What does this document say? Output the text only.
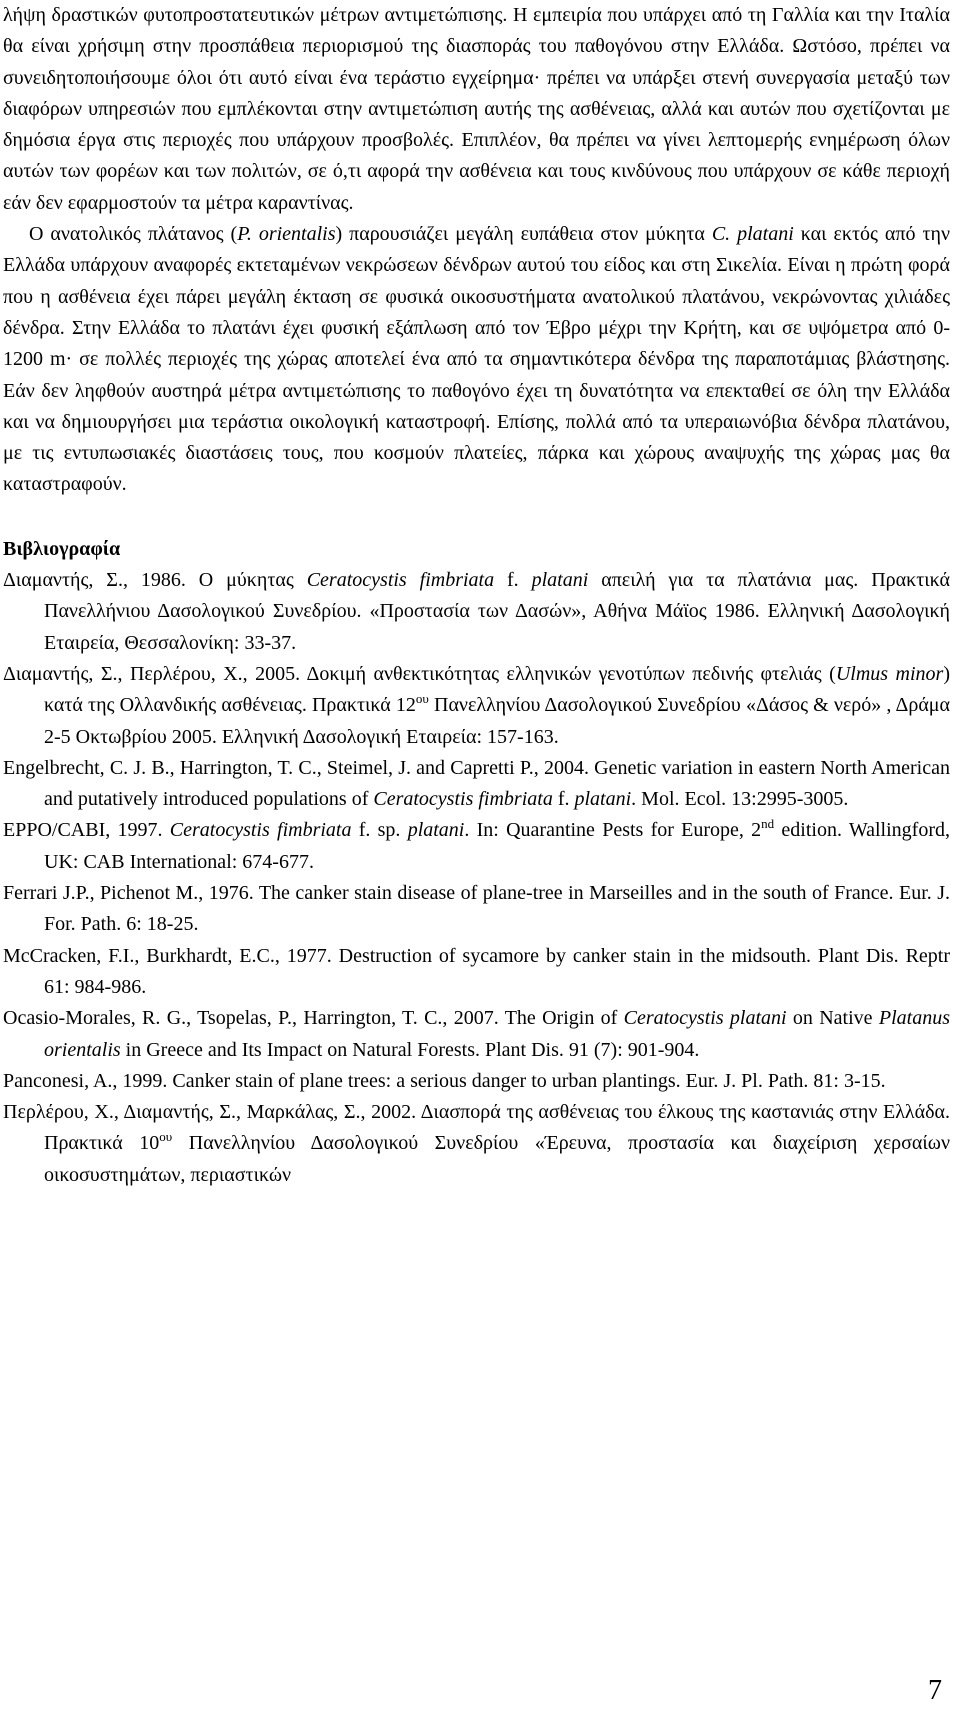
λήψη δραστικών φυτοπροστατευτικών μέτρων αντιμετώπισης. Η εμπειρία που υπάρχει από τη Γαλλία και την Ιταλία θα είναι χρήσιμη στην προσπάθεια περιορισμού της διασποράς του παθογόνου στην Ελλάδα. Ωστόσο, πρέπει να συνειδητοποιήσουμε όλοι ότι αυτό είναι ένα τεράστιο εγχείρημα· πρέπει να υπάρξει στενή συνεργασία μεταξύ των διαφόρων υπηρεσιών που εμπλέκονται στην αντιμετώπιση αυτής της ασθένειας, αλλά και αυτών που σχετίζονται με δημόσια έργα στις περιοχές που υπάρχουν προσβολές. Επιπλέον, θα πρέπει να γίνει λεπτομερής ενημέρωση όλων αυτών των φορέων και των πολιτών, σε ό,τι αφορά την ασθένεια και τους κινδύνους που υπάρχουν σε κάθε περιοχή εάν δεν εφαρμοστούν τα μέτρα καραντίνας.

Ο ανατολικός πλάτανος (P. orientalis) παρουσιάζει μεγάλη ευπάθεια στον μύκητα C. platani και εκτός από την Ελλάδα υπάρχουν αναφορές εκτεταμένων νεκρώσεων δένδρων αυτού του είδος και στη Σικελία. Είναι η πρώτη φορά που η ασθένεια έχει πάρει μεγάλη έκταση σε φυσικά οικοσυστήματα ανατολικού πλατάνου, νεκρώνοντας χιλιάδες δένδρα. Στην Ελλάδα το πλατάνι έχει φυσική εξάπλωση από τον Έβρο μέχρι την Κρήτη, και σε υψόμετρα από 0-1200 m· σε πολλές περιοχές της χώρας αποτελεί ένα από τα σημαντικότερα δένδρα της παραποτάμιας βλάστησης. Εάν δεν ληφθούν αυστηρά μέτρα αντιμετώπισης το παθογόνο έχει τη δυνατότητα να επεκταθεί σε όλη την Ελλάδα και να δημιουργήσει μια τεράστια οικολογική καταστροφή. Επίσης, πολλά από τα υπεραιωνόβια δένδρα πλατάνου, με τις εντυπωσιακές διαστάσεις τους, που κοσμούν πλατείες, πάρκα και χώρους αναψυχής της χώρας μας θα καταστραφούν.

Βιβλιογραφία

Διαμαντής, Σ., 1986. Ο μύκητας Ceratocystis fimbriata f. platani απειλή για τα πλατάνια μας. Πρακτικά Πανελλήνιου Δασολογικού Συνεδρίου. «Προστασία των Δασών», Αθήνα Μάϊος 1986. Ελληνική Δασολογική Εταιρεία, Θεσσαλονίκη: 33-37.

Διαμαντής, Σ., Περλέρου, Χ., 2005. Δοκιμή ανθεκτικότητας ελληνικών γενοτύπων πεδινής φτελιάς (Ulmus minor) κατά της Ολλανδικής ασθένειας. Πρακτικά $12^{o\upsilon}$ Πανελληνίου Δασολογικού Συνεδρίου «Δάσος & νερό» , Δράμα 2-5 Οκτωβρίου 2005. Ελληνική Δασολογική Εταιρεία: 157-163.

Engelbrecht, C. J. B., Harrington, T. C., Steimel, J. and Capretti P., 2004. Genetic variation in eastern North American and putatively introduced populations of Ceratocystis fimbriata f. platani. Mol. Ecol. 13:2995-3005.

EPPO/CABI, 1997. Ceratocystis fimbriata f. sp. platani. In: Quarantine Pests for Europe, 2nd edition. Wallingford, UK: CAB International: 674-677.

Ferrari J.P., Pichenot M., 1976. The canker stain disease of plane-tree in Marseilles and in the south of France. Eur. J. For. Path. 6: 18-25.

McCracken, F.I., Burkhardt, E.C., 1977. Destruction of sycamore by canker stain in the midsouth. Plant Dis. Reptr 61: 984-986.

Ocasio-Morales, R. G., Tsopelas, P., Harrington, T. C., 2007. The Origin of Ceratocystis platani on Native Platanus orientalis in Greece and Its Impact on Natural Forests. Plant Dis. 91 (7): 901-904.

Panconesi, A., 1999. Canker stain of plane trees: a serious danger to urban plantings. Eur. J. Pl. Path. 81: 3-15.

Περλέρου, Χ., Διαμαντής, Σ., Μαρκάλας, Σ., 2002. Διασπορά της ασθένειας του έλκους της καστανιάς στην Ελλάδα. Πρακτικά $10^{o\upsilon}$ Πανελληνίου Δασολογικού Συνεδρίου «Έρευνα, προστασία και διαχείριση χερσαίων οικοσυστημάτων, περιαστικών

7
